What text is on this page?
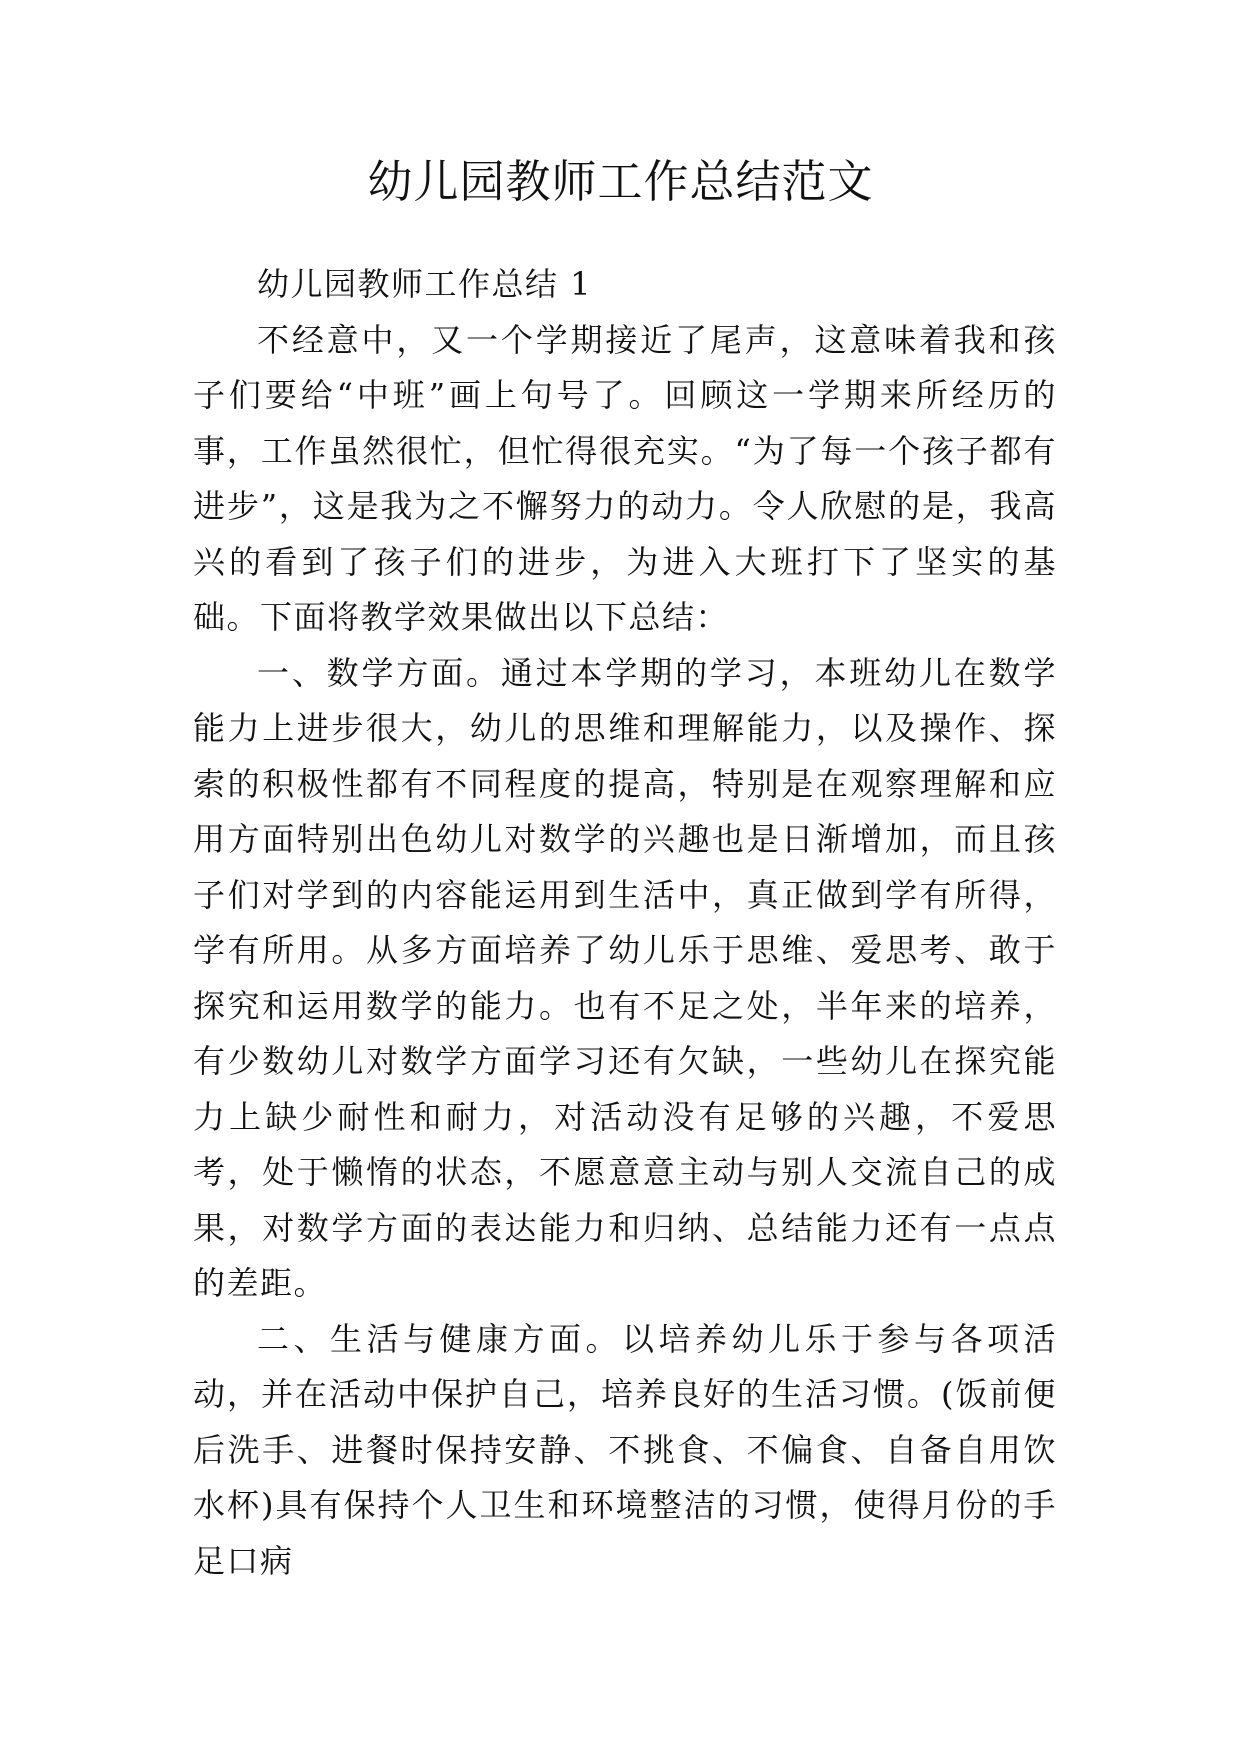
幼儿园教师工作总结范文

幼儿园教师工作总结 1

不经意中，又一个学期接近了尾声，这意味着我和孩子们要给“中班”画上句号了。回顾这一学期来所经历的事，工作虽然很忙，但忙得很充实。“为了每一个孩子都有进步”，这是我为之不懈努力的动力。令人欣慰的是，我高兴的看到了孩子们的进步，为进入大班打下了坚实的基础。下面将教学效果做出以下总结：

一、数学方面。通过本学期的学习，本班幼儿在数学能力上进步很大，幼儿的思维和理解能力，以及操作、探索的积极性都有不同程度的提高，特别是在观察理解和应用方面特别出色幼儿对数学的兴趣也是日渐增加，而且孩子们对学到的内容能运用到生活中，真正做到学有所得，学有所用。从多方面培养了幼儿乐于思维、爱思考、敢于探究和运用数学的能力。也有不足之处，半年来的培养，有少数幼儿对数学方面学习还有欠缺，一些幼儿在探究能力上缺少耐性和耐力，对活动没有足够的兴趣，不爱思考，处于懒惰的状态，不愿意意主动与别人交流自己的成果，对数学方面的表达能力和归纳、总结能力还有一点点的差距。

二、生活与健康方面。以培养幼儿乐于参与各项活动，并在活动中保护自己，培养良好的生活习惯。(饭前便后洗手、进餐时保持安静、不挑食、不偏食、自备自用饮水杯)具有保持个人卫生和环境整洁的习惯，使得月份的手足口病
